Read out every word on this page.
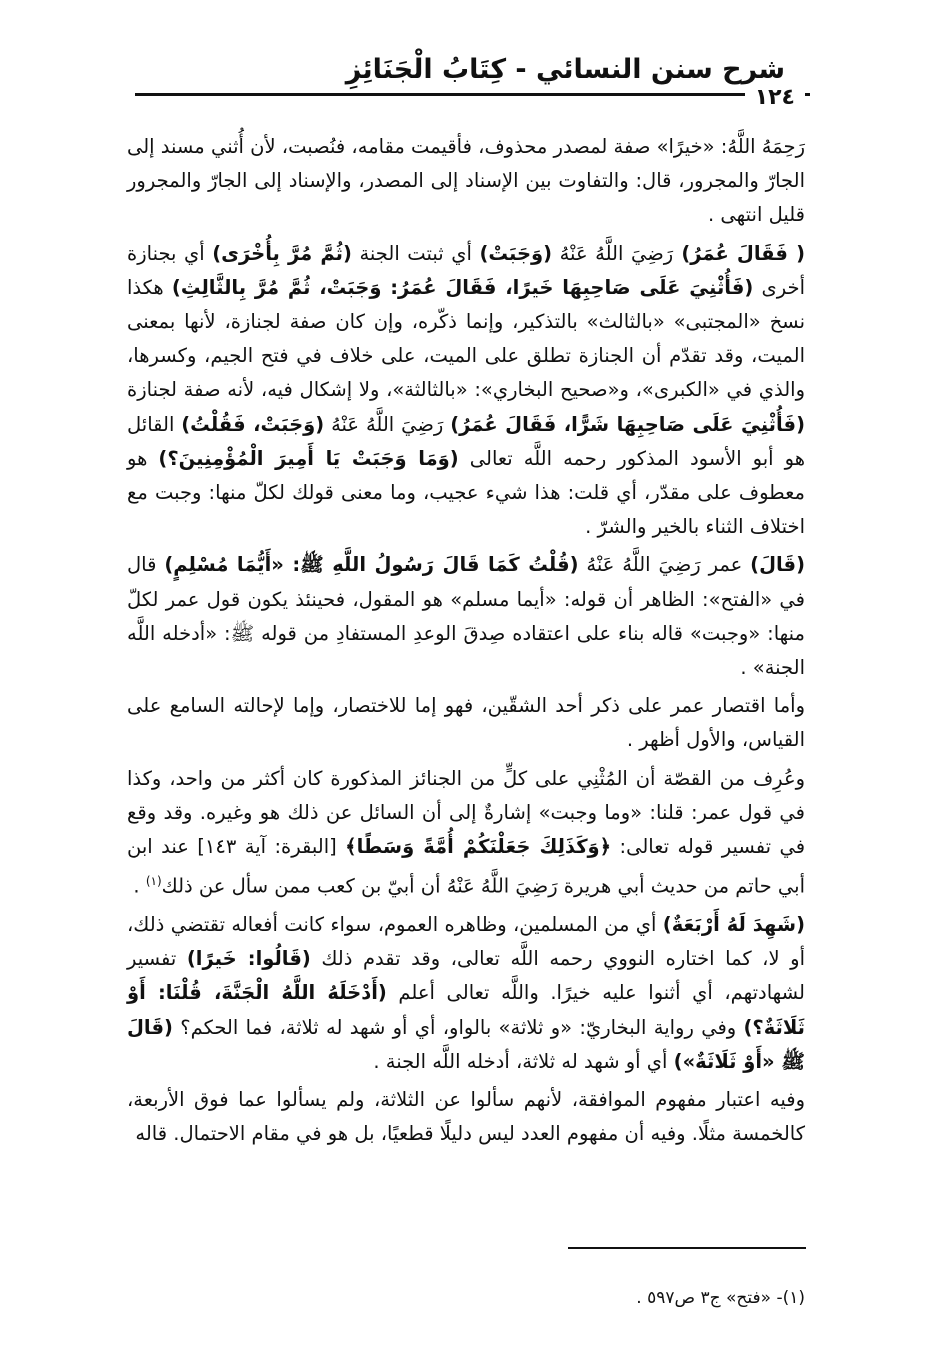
شرح سنن النسائي - كِتَابُ الْجَنَائِزِ
١٢٤

رَحِمَهُ اللَّهُ: «خيرًا» صفة لمصدر محذوف، فأقيمت مقامه، فنُصبت، لأن أُثني مسند إلى الجارّ والمجرور، قال: والتفاوت بين الإسناد إلى المصدر، والإسناد إلى الجارّ والمجرور قليل انتهى .

( فَقَالَ عُمَرُ) رَضِيَ اللَّهُ عَنْهُ (وَجَبَتْ) أي ثبتت الجنة (ثُمَّ مُرَّ بِأُخْرَى) أي بجنازة أخرى (فَأُثْنِيَ عَلَى صَاحِبِهَا خَيرًا، فَقَالَ عُمَرُ: وَجَبَتْ، ثُمَّ مُرَّ بِالثَّالِثِ) هكذا نسخ «المجتبى» «بالثالث» بالتذكير، وإنما ذكّره، وإن كان صفة لجنازة، لأنها بمعنى الميت، وقد تقدّم أن الجنازة تطلق على الميت، على خلاف في فتح الجيم، وكسرها، والذي في «الكبرى»، و«صحيح البخاري»: «بالثالثة»، ولا إشكال فيه، لأنه صفة لجنازة (فَأُثْنِيَ عَلَى صَاحِبِهَا شَرًّا، فَقَالَ عُمَرُ) رَضِيَ اللَّهُ عَنْهُ (وَجَبَتْ، فَقُلْتُ) القائل هو أبو الأسود المذكور رحمه اللَّه تعالى (وَمَا وَجَبَتْ يَا أَمِيرَ الْمُؤْمِنِينَ؟) هو معطوف على مقدّر، أي قلت: هذا شيء عجيب، وما معنى قولك لكلّ منها: وجبت مع اختلاف الثناء بالخير والشرّ .

(قَالَ) عمر رَضِيَ اللَّهُ عَنْهُ (قُلْتُ كَمَا قَالَ رَسُولُ اللَّهِ ﷺ: «أَيُّمَا مُسْلِمٍ) قال في «الفتح»: الظاهر أن قوله: «أيما مسلم» هو المقول، فحينئذ يكون قول عمر لكلّ منها: «وجبت» قاله بناء على اعتقاده صِدقَ الوعدِ المستفادِ من قوله ﷺ: «أدخله اللَّه الجنة» .

وأما اقتصار عمر على ذكر أحد الشقّين، فهو إما للاختصار، وإما لإحالته السامع على القياس، والأول أظهر .

وعُرِف من القصّة أن المُثْنِي على كلٍّ من الجنائز المذكورة كان أكثر من واحد، وكذا في قول عمر: قلنا: «وما وجبت» إشارةٌ إلى أن السائل عن ذلك هو وغيره. وقد وقع في تفسير قوله تعالى: ﴿وَكَذَلِكَ جَعَلْنَكُمْ أُمَّةً وَسَطًا﴾ [البقرة: آية ١٤٣] عند ابن أبي حاتم من حديث أبي هريرة رَضِيَ اللَّهُ عَنْهُ أن أبيّ بن كعب ممن سأل عن ذلك$^{(١)}$ .

(شَهِدَ لَهُ أَرْبَعَةٌ) أي من المسلمين، وظاهره العموم، سواء كانت أفعاله تقتضي ذلك، أو لا، كما اختاره النووي رحمه اللَّه تعالى، وقد تقدم ذلك (قَالُوا: خَيرًا) تفسير لشهادتهم، أي أثنوا عليه خيرًا. واللَّه تعالى أعلم (أَدْخَلَهُ اللَّهُ الْجَنَّةَ، قُلْنَا: أَوْ ثَلَاثَةٌ؟) وفي رواية البخاريّ: «و ثلاثة» بالواو، أي أو شهد له ثلاثة، فما الحكم؟ (قَالَ ﷺ «أَوْ ثَلَاثَةٌ») أي أو شهد له ثلاثة، أدخله اللَّه الجنة .

وفيه اعتبار مفهوم الموافقة، لأنهم سألوا عن الثلاثة، ولم يسألوا عما فوق الأربعة، كالخمسة مثلًا. وفيه أن مفهوم العدد ليس دليلًا قطعيًا، بل هو في مقام الاحتمال. قاله

(١)- «فتح» ج٣ ص٥٩٧ .
